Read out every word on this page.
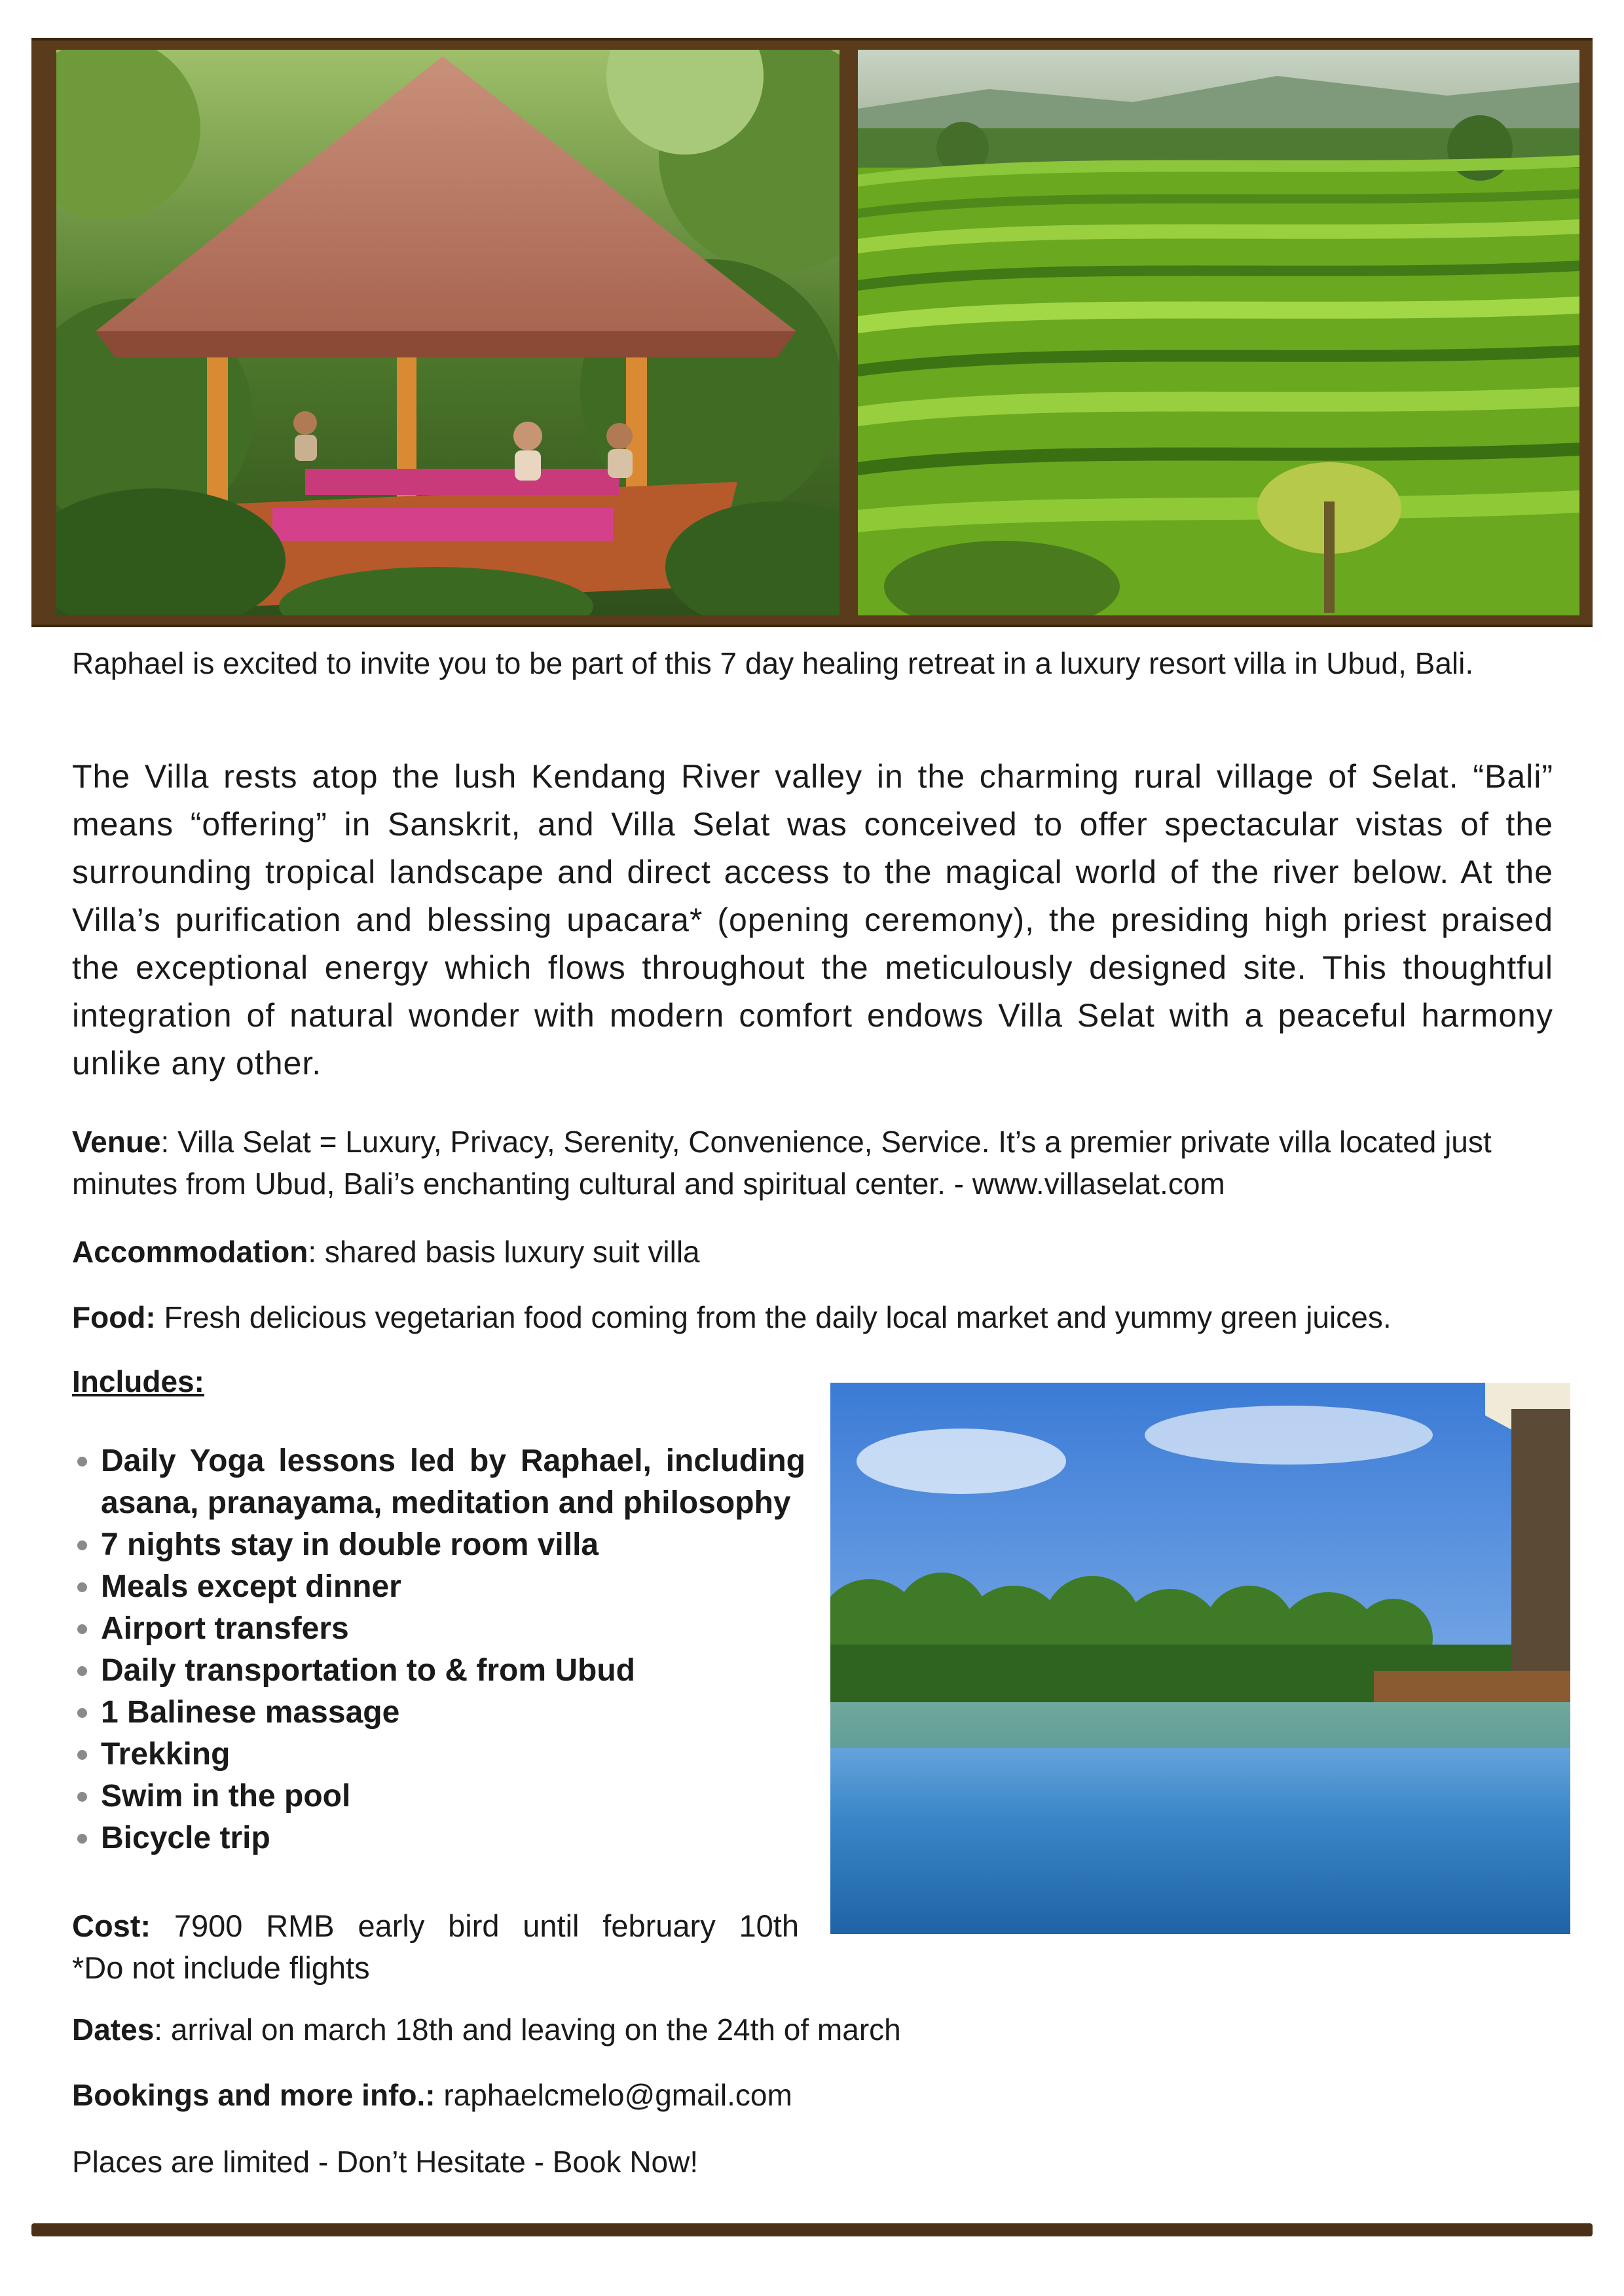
Raphael is excited to invite you to be part of this 7 day healing retreat in a luxury resort villa in Ubud, Bali.
The Villa rests atop the lush Kendang River valley in the charming rural village of Selat. “Bali” means “offering” in Sanskrit, and Villa Selat was conceived to offer spectacular vistas of the surrounding tropical landscape and direct access to the magical world of the river below. At the Villa’s purification and blessing upacara* (opening ceremony), the presiding high priest praised the exceptional energy which flows throughout the meticulously designed site. This thoughtful integration of natural wonder with modern comfort endows Villa Selat with a peaceful harmony unlike any other.
Venue: Villa Selat = Luxury, Privacy, Serenity, Convenience, Service. It’s a premier private villa located just minutes from Ubud, Bali’s enchanting cultural and spiritual center. - www.villaselat.com
Accommodation: shared basis luxury suit villa
Food: Fresh delicious vegetarian food coming from the daily local market and yummy green juices.
Includes:
Daily Yoga lessons led by Raphael, including asana, pranayama, meditation and philosophy
7 nights stay in double room villa
Meals except dinner
Airport transfers
Daily transportation to & from Ubud
1 Balinese massage
Trekking
Swim in the pool
Bicycle trip
Cost: 7900 RMB early bird until february 10th
*Do not include flights
Dates: arrival on march 18th and leaving on the 24th of march
Bookings and more info.: raphaelcmelo@gmail.com
Places are limited - Don’t Hesitate - Book Now!
